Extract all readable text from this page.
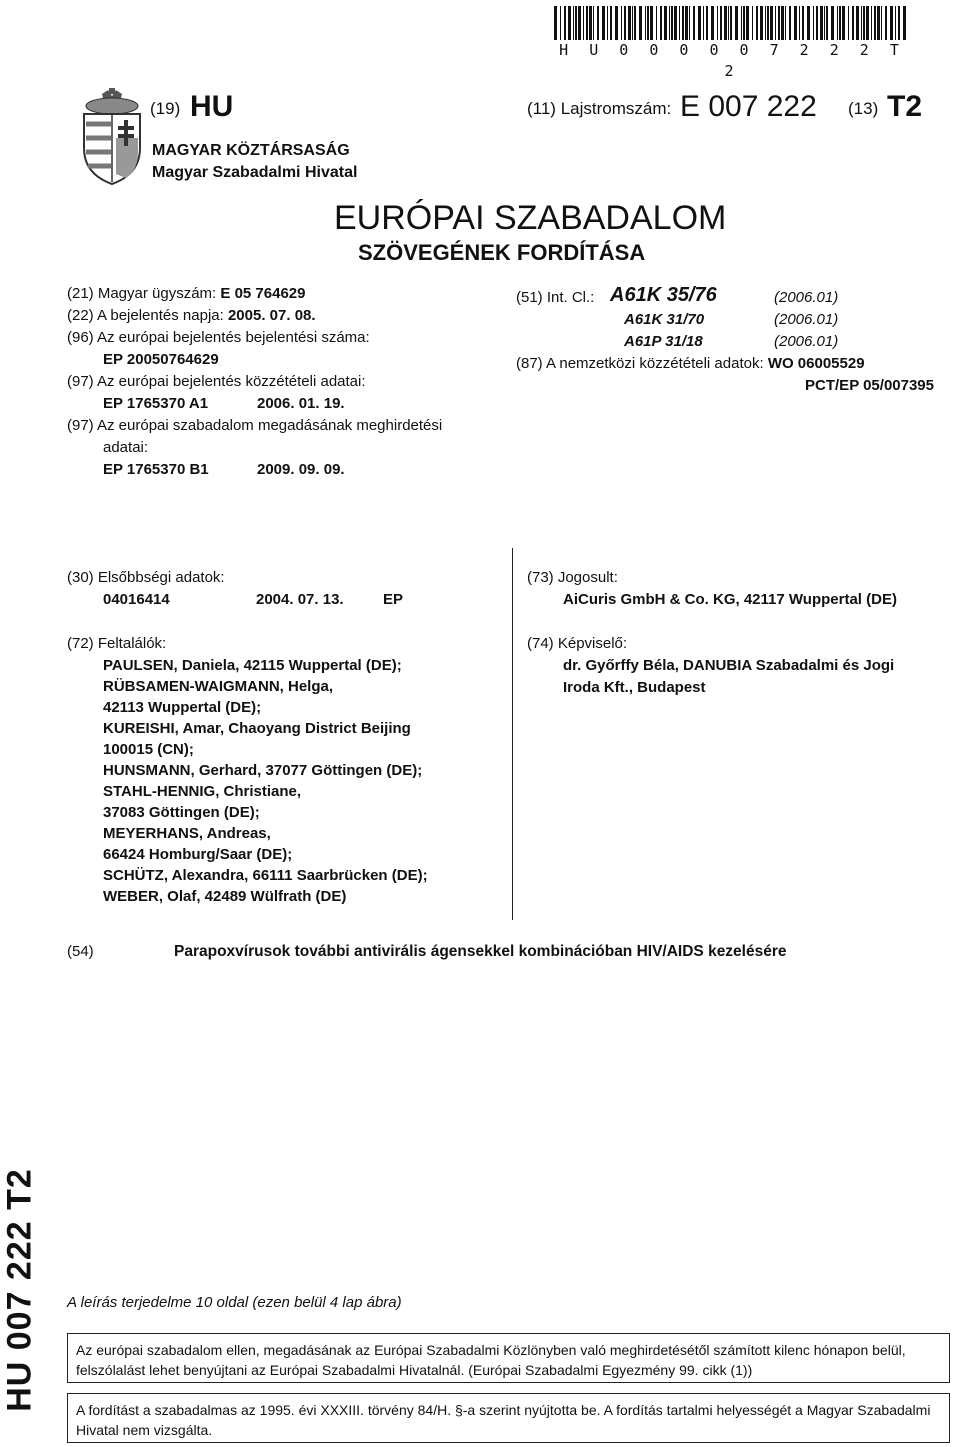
H U 0 0 0 0 0 7 2 2 2 T 2
(19) HU	(11) Lajstromszám: E 007 222 (13) T2
MAGYAR KÖZTÁRSASÁG
Magyar Szabadalmi Hivatal
EURÓPAI SZABADALOM
SZÖVEGÉNEK FORDÍTÁSA
(21) Magyar ügyszám: E 05 764629
(22) A bejelentés napja: 2005. 07. 08.
(96) Az európai bejelentés bejelentési száma:
EP 20050764629
(97) Az európai bejelentés közzétételi adatai:
EP 1765370 A1	2006. 01. 19.
(97) Az európai szabadalom megadásának meghirdetési
adatai:
EP 1765370 B1	2009. 09. 09.
(51) Int. Cl.: A61K 35/76	(2006.01)
A61K 31/70	(2006.01)
A61P 31/18	(2006.01)
(87) A nemzetközi közzétételi adatok: WO 06005529
PCT/EP 05/007395
(30) Elsőbbségi adatok:
04016414	2004. 07. 13.	EP
(72) Feltalálók:
PAULSEN, Daniela, 42115 Wuppertal (DE);
RÜBSAMEN-WAIGMANN, Helga,
42113 Wuppertal (DE);
KUREISHI, Amar, Chaoyang District Beijing
100015 (CN);
HUNSMANN, Gerhard, 37077 Göttingen (DE);
STAHL-HENNIG, Christiane,
37083 Göttingen (DE);
MEYERHANS, Andreas,
66424 Homburg/Saar (DE);
SCHÜTZ, Alexandra, 66111 Saarbrücken (DE);
WEBER, Olaf, 42489 Wülfrath (DE)
(73) Jogosult:
AiCuris GmbH & Co. KG, 42117 Wuppertal (DE)
(74) Képviselő:
dr. Győrffy Béla, DANUBIA Szabadalmi és Jogi
Iroda Kft., Budapest
(54)	Parapoxvírusok további antivirális ágensekkel kombinációban HIV/AIDS kezelésére
HU 007 222 T2 A leírás terjedelme 10 oldal (ezen belül 4 lap ábra)
Az európai szabadalom ellen, megadásának az Európai Szabadalmi Közlönyben való meghirdetésétől számított kilenc hónapon belül, felszólalást lehet benyújtani az Európai Szabadalmi Hivatalnál. (Európai Szabadalmi Egyezmény 99. cikk (1))
A fordítást a szabadalmas az 1995. évi XXXIII. törvény 84/H. §-a szerint nyújtotta be. A fordítás tartalmi helyességét a Magyar Szabadalmi Hivatal nem vizsgálta.
